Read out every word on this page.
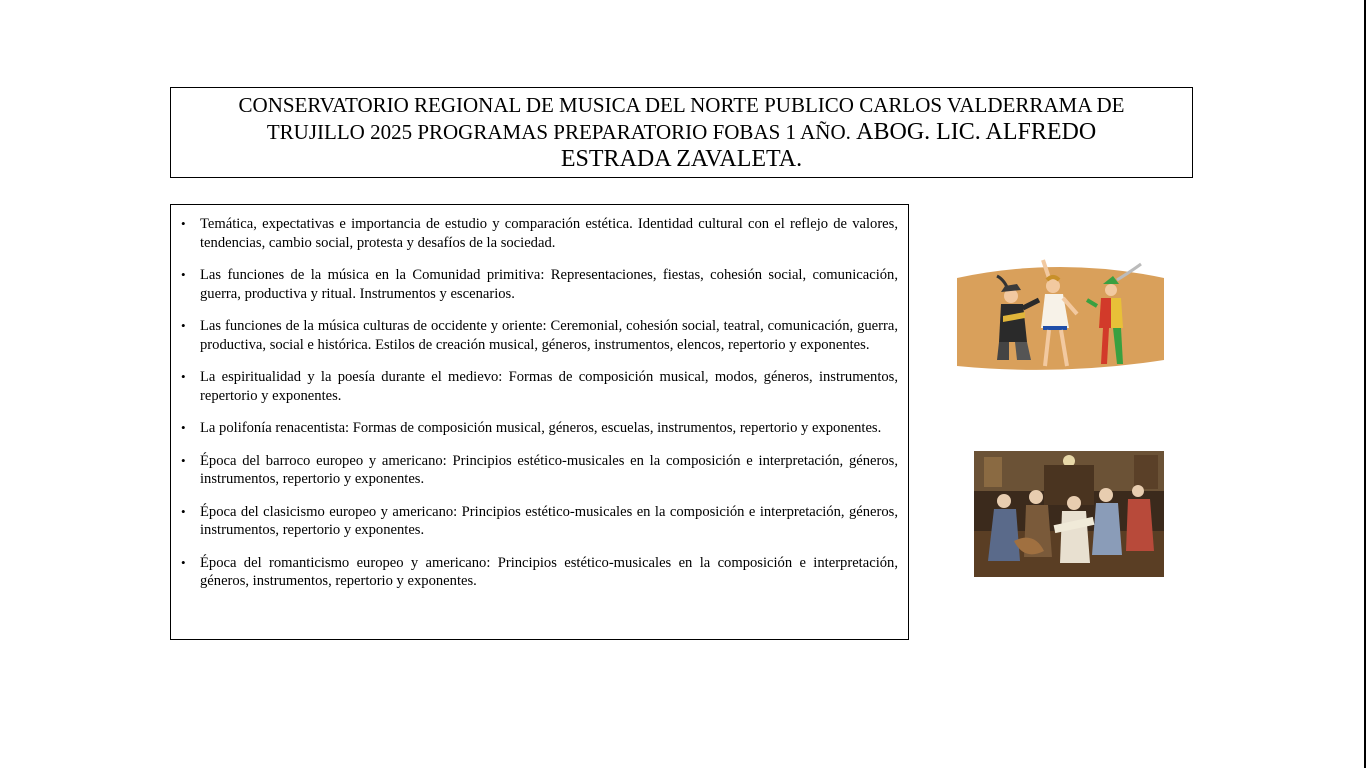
CONSERVATORIO REGIONAL DE MUSICA DEL NORTE PUBLICO CARLOS VALDERRAMA DE
TRUJILLO 2025 PROGRAMAS PREPARATORIO FOBAS 1 AÑO. ABOG. LIC. ALFREDO
ESTRADA ZAVALETA.
• Temática, expectativas e importancia de estudio y comparación estética. Identidad cultural con el reflejo de valores, tendencias, cambio social, protesta y desafíos de la sociedad.
• Las funciones de la música en la Comunidad primitiva: Representaciones, fiestas, cohesión social, comunicación, guerra, productiva y ritual. Instrumentos y escenarios.
• Las funciones de la música culturas de occidente y oriente: Ceremonial, cohesión social, teatral, comunicación, guerra, productiva, social e histórica. Estilos de creación musical, géneros, instrumentos, elencos, repertorio y exponentes.
• La espiritualidad y la poesía durante el medievo: Formas de composición musical, modos, géneros, instrumentos, repertorio y exponentes.
• La polifonía renacentista: Formas de composición musical, géneros, escuelas, instrumentos, repertorio y exponentes.
• Época del barroco europeo y americano: Principios estético-musicales en la composición e interpretación, géneros, instrumentos, repertorio y exponentes.
• Época del clasicismo europeo y americano: Principios estético-musicales en la composición e interpretación, géneros, instrumentos, repertorio y exponentes.
• Época del romanticismo europeo y americano: Principios estético-musicales en la composición e interpretación, géneros, instrumentos, repertorio y exponentes.
